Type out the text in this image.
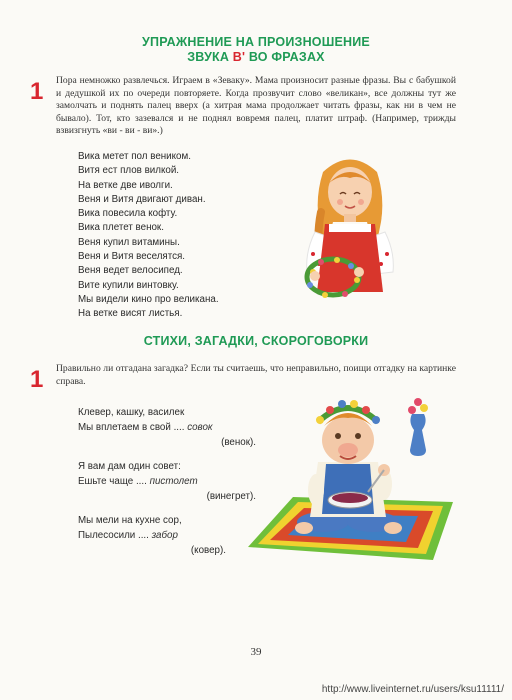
УПРАЖНЕНИЕ НА ПРОИЗНОШЕНИЕ
ЗВУКА В' ВО ФРАЗАХ
1 Пора немножко развлечься. Играем в «Зеваку». Мама произносит разные фразы. Вы с бабушкой и дедушкой их по очереди повторяете. Когда прозвучит слово «великан», все должны тут же замолчать и поднять палец вверх (а хитрая мама продолжает читать фразы, как ни в чем не бывало). Тот, кто зазевался и не поднял вовремя палец, платит штраф. (Например, трижды взвизгнуть «ви - ви - ви».)
Вика метет пол веником.
Витя ест плов вилкой.
На ветке две иволги.
Веня и Витя двигают диван.
Вика повесила кофту.
Вика плетет венок.
Веня купил витамины.
Веня и Витя веселятся.
Веня ведет велосипед.
Вите купили винтовку.
Мы видели кино про великана.
На ветке висят листья.
СТИХИ, ЗАГАДКИ, СКОРОГОВОРКИ
1 Правильно ли отгадана загадка? Если ты считаешь, что неправильно, поищи отгадку на картинке справа.
Клевер, кашку, василек
Мы вплетаем в свой .... совок
(венок).
Я вам дам один совет:
Ешьте чаще .... пистолет
(винегрет).
Мы мели на кухне сор,
Пылесосили .... забор
(ковер).
39
http://www.liveinternet.ru/users/ksu11111/
